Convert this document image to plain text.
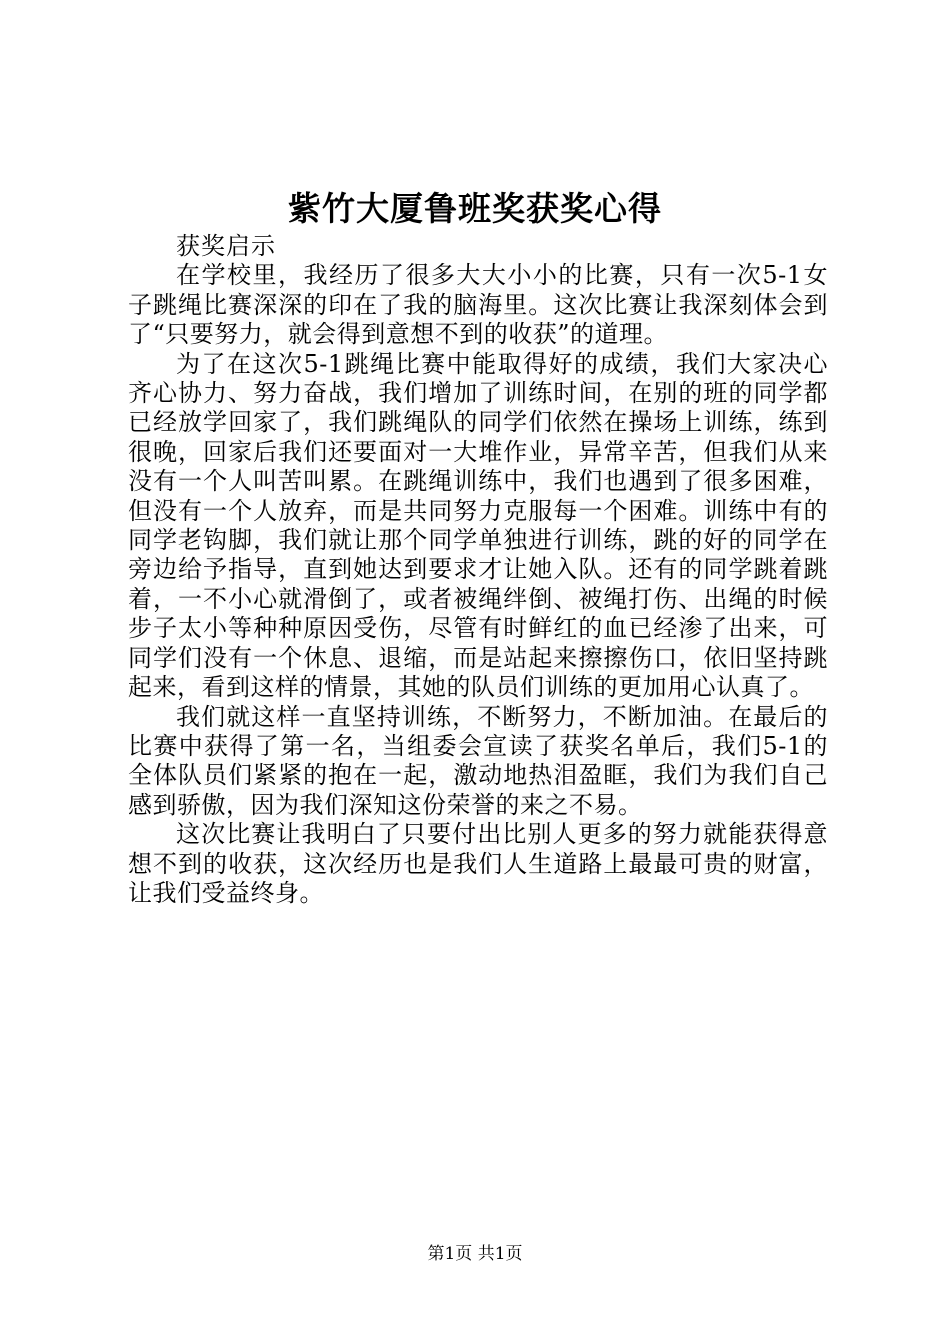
紫竹大厦鲁班奖获奖心得

获奖启示

在学校里，我经历了很多大大小小的比赛，只有一次5-1女子跳绳比赛深深的印在了我的脑海里。这次比赛让我深刻体会到了“只要努力，就会得到意想不到的收获”的道理。

为了在这次5-1跳绳比赛中能取得好的成绩，我们大家决心齐心协力、努力奋战，我们增加了训练时间，在别的班的同学都已经放学回家了，我们跳绳队的同学们依然在操场上训练，练到很晚，回家后我们还要面对一大堆作业，异常辛苦，但我们从来没有一个人叫苦叫累。在跳绳训练中，我们也遇到了很多困难，但没有一个人放弃，而是共同努力克服每一个困难。训练中有的同学老钩脚，我们就让那个同学单独进行训练，跳的好的同学在旁边给予指导，直到她达到要求才让她入队。还有的同学跳着跳着，一不小心就滑倒了，或者被绳绊倒、被绳打伤、出绳的时候步子太小等种种原因受伤，尽管有时鲜红的血已经渗了出来，可同学们没有一个休息、退缩，而是站起来擦擦伤口，依旧坚持跳起来，看到这样的情景，其她的队员们训练的更加用心认真了。

我们就这样一直坚持训练，不断努力，不断加油。在最后的比赛中获得了第一名，当组委会宣读了获奖名单后，我们5-1的全体队员们紧紧的抱在一起，激动地热泪盈眶，我们为我们自己感到骄傲，因为我们深知这份荣誉的来之不易。

这次比赛让我明白了只要付出比别人更多的努力就能获得意想不到的收获，这次经历也是我们人生道路上最最可贵的财富，让我们受益终身。

第1页 共1页
